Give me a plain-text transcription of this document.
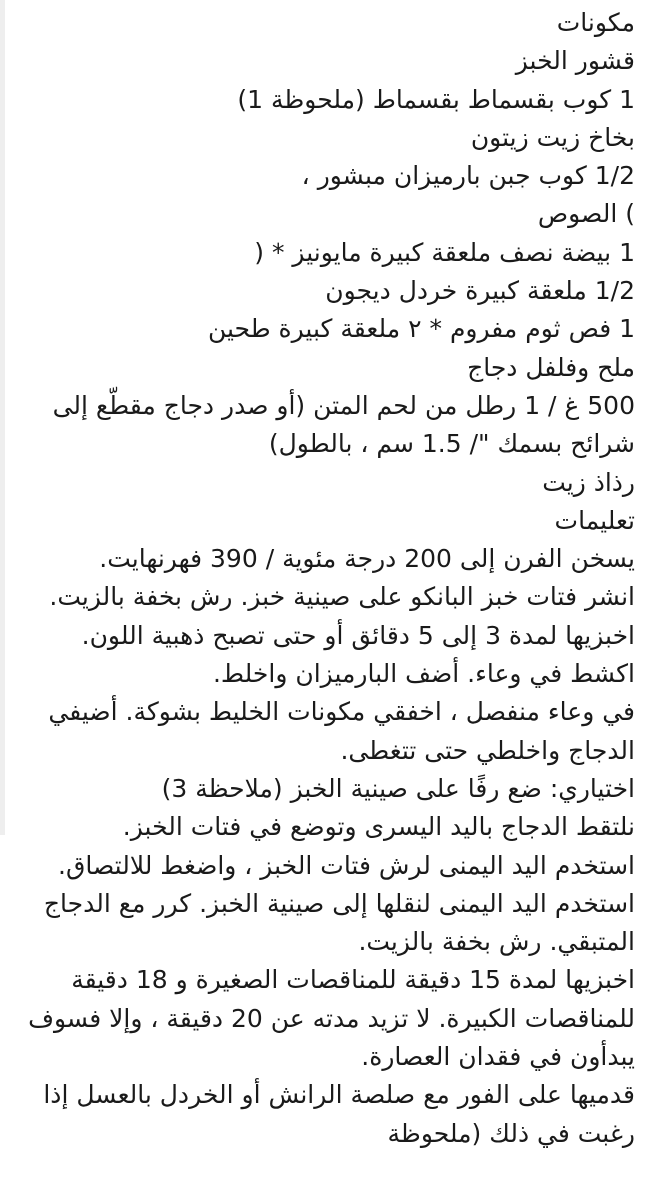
مكونات

قشور الخبز

1 كوب بقسماط بقسماط (ملحوظة 1)

بخاخ زيت زيتون

1/2 كوب جبن بارميزان مبشور ،

) الصوص

1 بيضة نصف ملعقة كبيرة مايونيز * (

1/2 ملعقة كبيرة خردل ديجون

1 فص ثوم مفروم * ٢ ملعقة كبيرة طحين

ملح وفلفل دجاج

500 غ / 1 رطل من لحم المتن (أو صدر دجاج مقطّع إلى شرائح بسمك "/ 1.5 سم ، بالطول)

رذاذ زيت

تعليمات

يسخن الفرن إلى 200 درجة مئوية / 390 فهرنهايت.

انشر فتات خبز البانكو على صينية خبز. رش بخفة بالزيت.

اخبزيها لمدة 3 إلى 5 دقائق أو حتى تصبح ذهبية اللون.

اكشط في وعاء. أضف البارميزان واخلط.

في وعاء منفصل ، اخفقي مكونات الخليط بشوكة. أضيفي الدجاج واخلطي حتى تتغطى.

اختياري: ضع رفًا على صينية الخبز (ملاحظة 3)

نلتقط الدجاج باليد اليسرى وتوضع في فتات الخبز.

استخدم اليد اليمنى لرش فتات الخبز ، واضغط للالتصاق.

استخدم اليد اليمنى لنقلها إلى صينية الخبز. كرر مع الدجاج المتبقي. رش بخفة بالزيت.

اخبزيها لمدة 15 دقيقة للمناقصات الصغيرة و 18 دقيقة للمناقصات الكبيرة. لا تزيد مدته عن 20 دقيقة ، وإلا فسوف يبدأون في فقدان العصارة.

قدميها على الفور مع صلصة الرانش أو الخردل بالعسل إذا رغبت في ذلك (ملحوظة
